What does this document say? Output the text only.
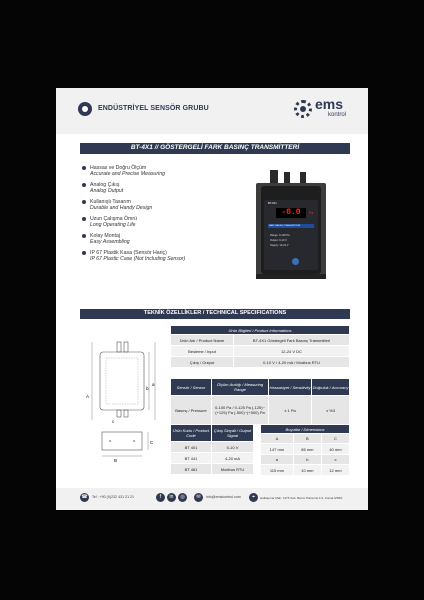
ENDÜSTRİYEL SENSÖR GRUBU	ems
kontrol
BT-4X1 // GÖSTERGELİ FARK BASINÇ TRANSMİTTERİ
Hassas ve Doğru Ölçüm
Accurate and Precise Measuring
Analog Çıkış
Analog Output
Kullanışlı Tasarım
Durable and Handy Design
Uzun Çalışma Ömrü
Long Operating Life
Kolay Montaj
Easy Assembling
IP 67 Plastik Kasa (Sensör Hariç)
IP 67 Plastic Case (Not Including Sensor)
BT-4X1
-0.0	Pa
FARK BASINÇ TRANSMİTTERİ
Range: 0-100 Pa
Output: 0-10 V
Supply: 12-24 V
TEKNİK ÖZELLİKLER / TECHNICAL SPECIFICATIONS
A
a
b
c
B
C
Ürün Bilgileri / Product Informations	
Ürün Adı / Product Name	BT-4X1 Göstergeli Fark Basınç Transmitteri
Besleme / Input	12-24 V DC
Çıkış / Output	0-10 V / 4-20 mA / Modbus RTU
Sensör / Sensor	Ölçüm Aralığı / Measuring Range	Hassasiyet / Sensitivity	Doğruluk / Accuracy
Basınç / Pressure	0-100 Pa / 0-125 Pa (-125)~(+125) Pa (-500)~(+500) Pa	± 1 Pa	± %3
Ürün Kodu / Product Code	Çıkış Sinyali / Output Signal
BT 401	0-10 V
BT 441	4-20 mA
BT 461	Modbus RTU
Boyutlar / Dimensions		
A	B	C
147 mm	85 mm	40 mm
a	b	c
115 mm	10 mm	12 mm
☎	Tel : +90 (0)232 431 21 21	f	in	◎	✉	info@emskontrol.com	⌖	Halkapınar Mah. 1376 Sok. Barım Plaza No:1/1, Konak İZMİR
